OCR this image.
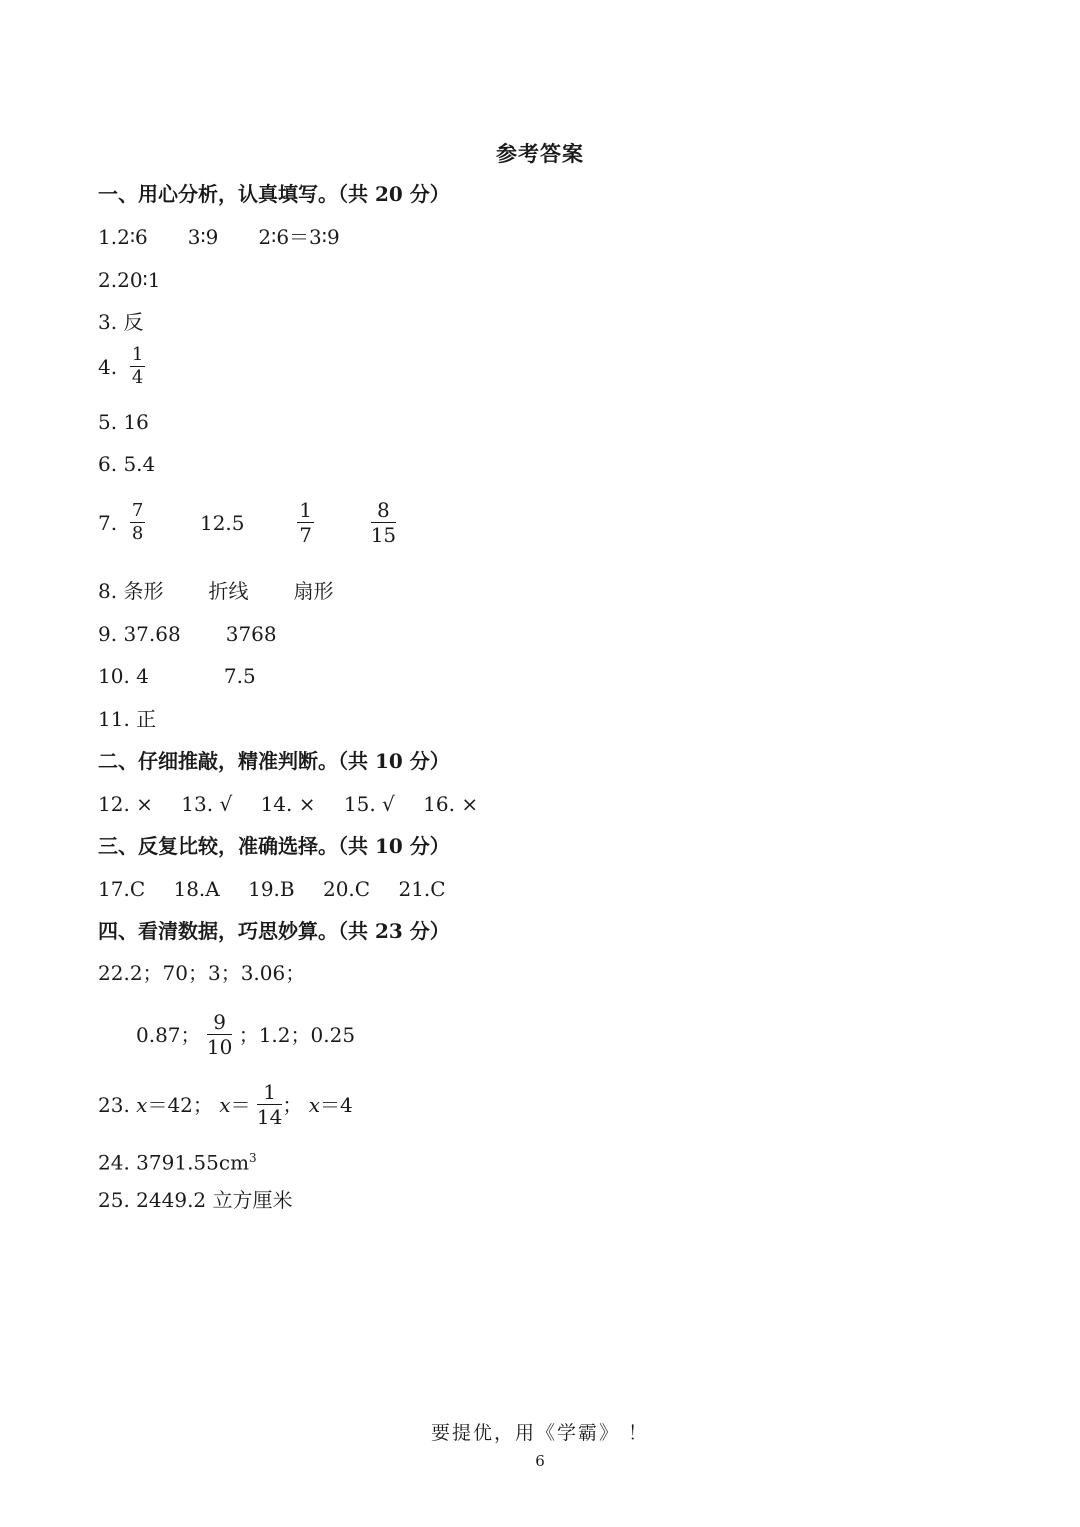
参考答案
一、用心分析，认真填写。（共 20 分）
1.2∶6 3∶9 2∶6＝3∶9
2.20∶1
3. 反
4. $\frac{1}{4}$
5. 16
6. 5.4
7. $\frac{7}{8}$	12.5	$\frac{1}{7}$
	$\frac{8}{15}$
8. 条形 折线 扇形
9. 37.68 3768
10. 4	7.5
11. 正
二、仔细推敲，精准判断。（共 10 分）
12. × 13. √ 14. × 15. √ 16. ×
三、反复比较，准确选择。（共 10 分）
17.C 18.A 19.B 20.C 21.C
四、看清数据，巧思妙算。（共 23 分）
22.2；70；3；3.06；
0.87； $\frac{9}{10}$ ；1.2；0.25
23. x＝42； $x= \frac{1}{14}$ ； x＝4
24. $3791.55cm^3$
25. 2449.2 立方厘米
要提优，用《学霸》 ！
6
